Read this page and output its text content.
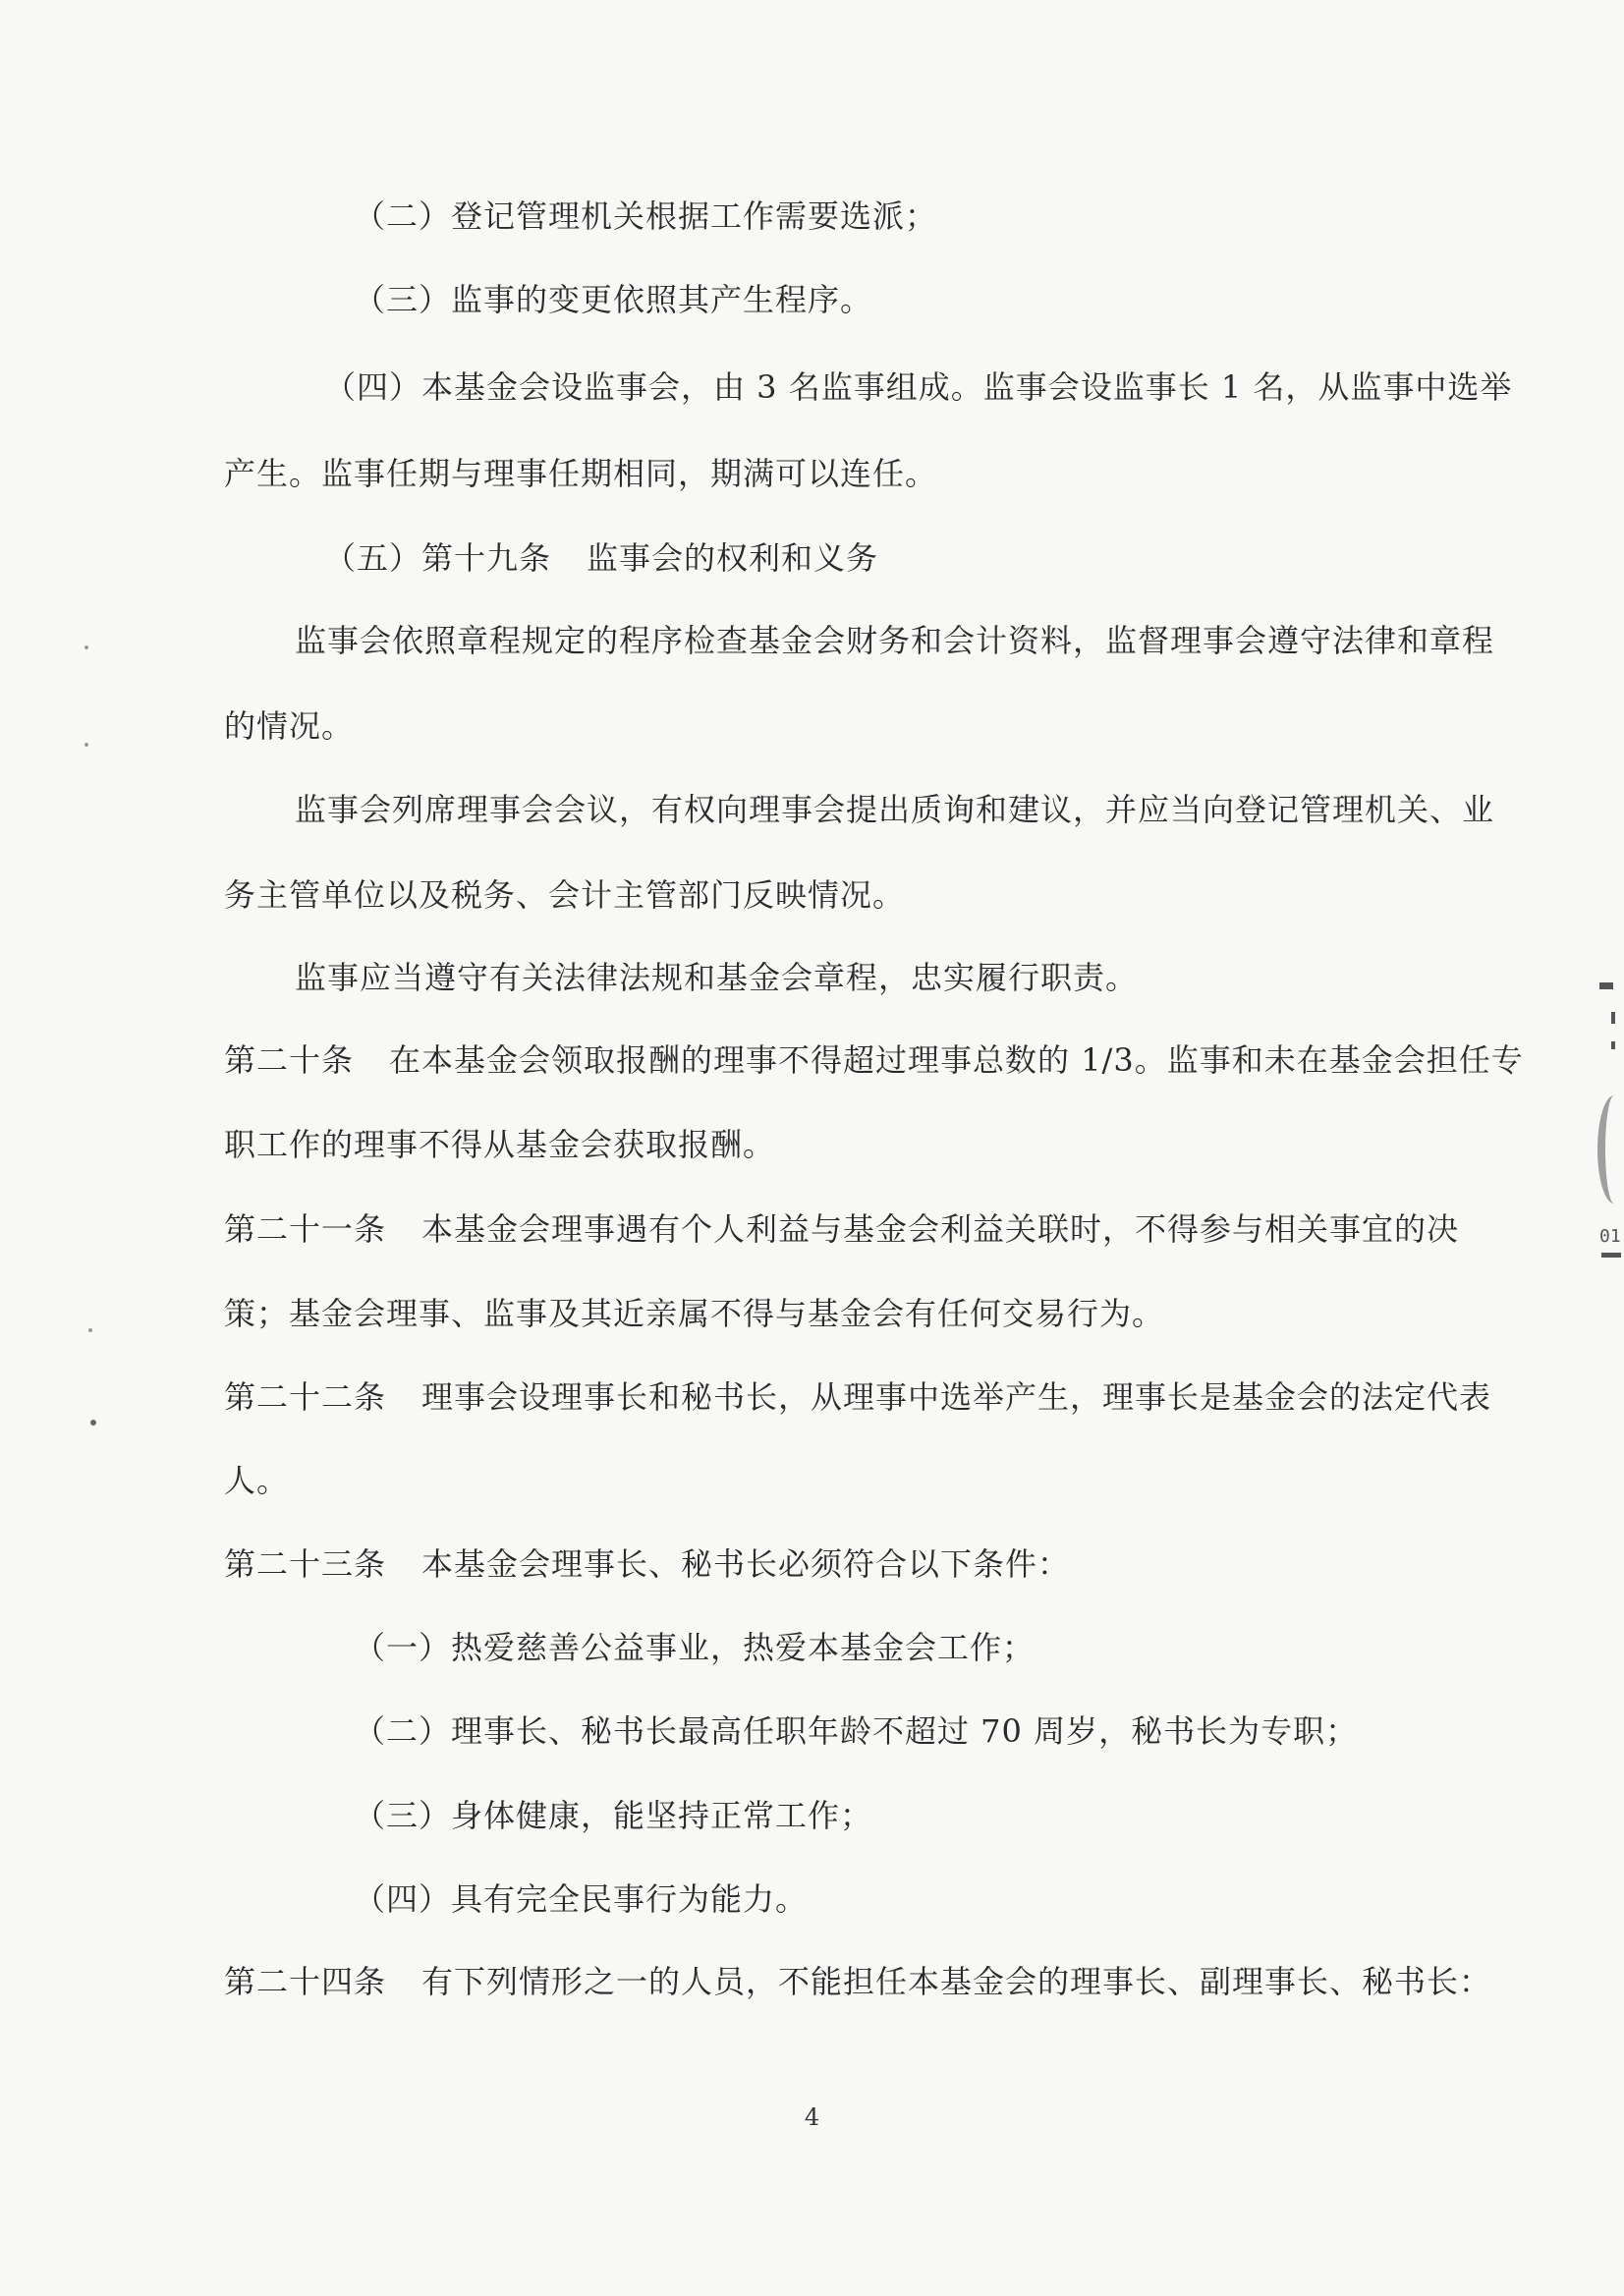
（二）登记管理机关根据工作需要选派；

（三）监事的变更依照其产生程序。

（四）本基金会设监事会，由 3 名监事组成。监事会设监事长 1 名，从监事中选举

产生。监事任期与理事任期相同，期满可以连任。

（五）第十九条 监事会的权利和义务

监事会依照章程规定的程序检查基金会财务和会计资料，监督理事会遵守法律和章程

的情况。

监事会列席理事会会议，有权向理事会提出质询和建议，并应当向登记管理机关、业

务主管单位以及税务、会计主管部门反映情况。

监事应当遵守有关法律法规和基金会章程，忠实履行职责。

第二十条 在本基金会领取报酬的理事不得超过理事总数的 1/3。监事和未在基金会担任专

职工作的理事不得从基金会获取报酬。

第二十一条 本基金会理事遇有个人利益与基金会利益关联时，不得参与相关事宜的决

策；基金会理事、监事及其近亲属不得与基金会有任何交易行为。

第二十二条 理事会设理事长和秘书长，从理事中选举产生，理事长是基金会的法定代表

人。

第二十三条 本基金会理事长、秘书长必须符合以下条件：

（一）热爱慈善公益事业，热爱本基金会工作；

（二）理事长、秘书长最高任职年龄不超过 70 周岁，秘书长为专职；

（三）身体健康，能坚持正常工作；

（四）具有完全民事行为能力。

第二十四条 有下列情形之一的人员，不能担任本基金会的理事长、副理事长、秘书长：

4
01
